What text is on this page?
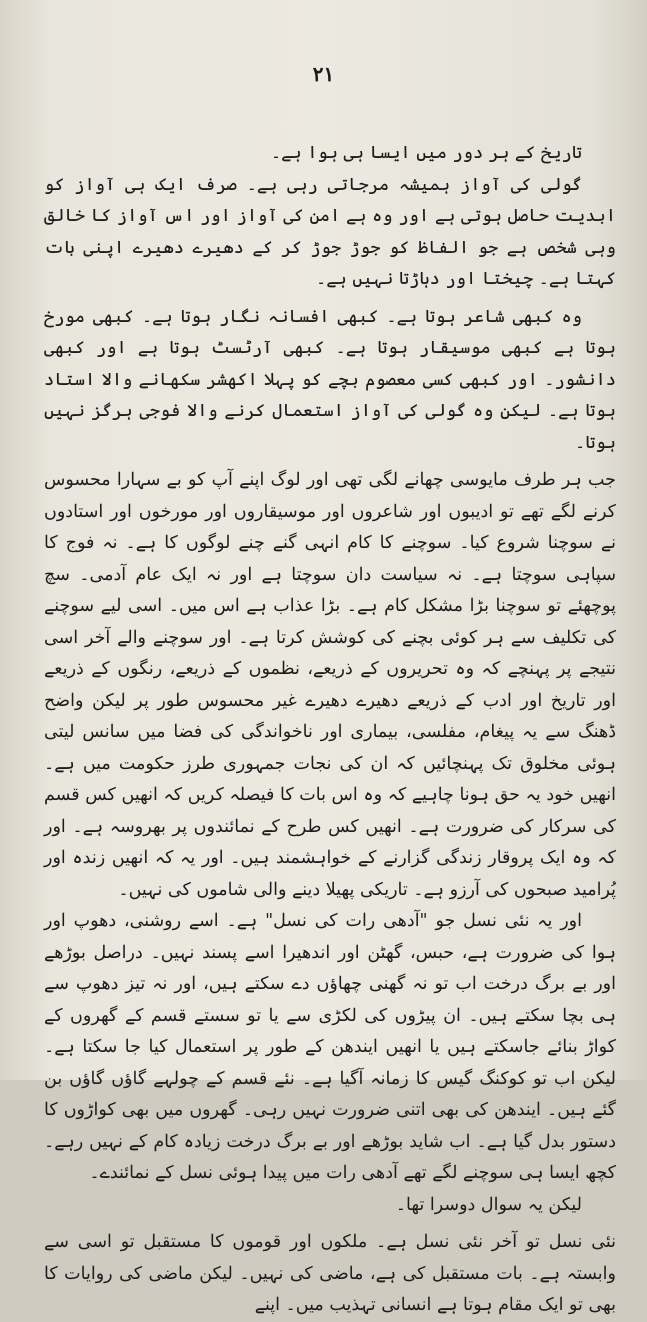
۲۱

تاریخ کے ہر دور میں ایسا ہی ہوا ہے۔

گولی کی آواز ہمیشہ مرجاتی رہی ہے۔ صرف ایک ہی آواز کو ابدیت حاصل ہوتی ہے اور وہ ہے امن کی آواز اور اس آواز کا خالق وہی شخص ہے جو الفاظ کو جوڑ جوڑ کر کے دھیرے دھیرے اپنی بات کہتا ہے۔ چیختا اور دہاڑتا نہیں ہے۔

وہ کبھی شاعر ہوتا ہے۔ کبھی افسانہ نگار ہوتا ہے۔ کبھی مورخ ہوتا ہے کبھی موسیقار ہوتا ہے۔ کبھی آرٹسٹ ہوتا ہے اور کبھی دانشور۔ اور کبھی کسی معصوم بچے کو پہلا اکھشر سکھانے والا استاد ہوتا ہے۔ لیکن وہ گولی کی آواز استعمال کرنے والا فوجی ہرگز نہیں ہوتا۔

جب ہر طرف مایوسی چھانے لگی تھی اور لوگ اپنے آپ کو بے سہارا محسوس کرنے لگے تھے تو ادیبوں اور شاعروں اور موسیقاروں اور مورخوں اور استادوں نے سوچنا شروع کیا۔ سوچنے کا کام انہی گنے چنے لوگوں کا ہے۔ نہ فوج کا سپاہی سوچتا ہے۔ نہ سیاست دان سوچتا ہے اور نہ ایک عام آدمی۔ سچ پوچھئے تو سوچنا بڑا مشکل کام ہے۔ بڑا عذاب ہے اس میں۔ اسی لیے سوچنے کی تکلیف سے ہر کوئی بچنے کی کوشش کرتا ہے۔ اور سوچنے والے آخر اسی نتیجے پر پہنچے کہ وہ تحریروں کے ذریعے، نظموں کے ذریعے، رنگوں کے ذریعے اور تاریخ اور ادب کے ذریعے دھیرے دھیرے غیر محسوس طور پر لیکن واضح ڈھنگ سے یہ پیغام، مفلسی، بیماری اور ناخواندگی کی فضا میں سانس لیتی ہوئی مخلوق تک پہنچائیں کہ ان کی نجات جمہوری طرز حکومت میں ہے۔ انھیں خود یہ حق ہونا چاہیے کہ وہ اس بات کا فیصلہ کریں کہ انھیں کس قسم کی سرکار کی ضرورت ہے۔ انھیں کس طرح کے نمائندوں پر بھروسہ ہے۔ اور کہ وہ ایک پروقار زندگی گزارنے کے خواہشمند ہیں۔ اور یہ کہ انھیں زندہ اور پُرامید صبحوں کی آرزو ہے۔ تاریکی پھیلا دینے والی شاموں کی نہیں۔

اور یہ نئی نسل جو "آدھی رات کی نسل" ہے۔ اسے روشنی، دھوپ اور ہوا کی ضرورت ہے، حبس، گھٹن اور اندھیرا اسے پسند نہیں۔ دراصل بوڑھے اور بے برگ درخت اب تو نہ گھنی چھاؤں دے سکتے ہیں، اور نہ تیز دھوپ سے ہی بچا سکتے ہیں۔ ان پیڑوں کی لکڑی سے یا تو سستے قسم کے گھروں کے کواڑ بنائے جاسکتے ہیں یا انھیں ایندھن کے طور پر استعمال کیا جا سکتا ہے۔ لیکن اب تو کوکنگ گیس کا زمانہ آگیا ہے۔ نئے قسم کے چولہے گاؤں گاؤں بن گئے ہیں۔ ایندھن کی بھی اتنی ضرورت نہیں رہی۔ گھروں میں بھی کواڑوں کا دستور بدل گیا ہے۔ اب شاید بوڑھے اور بے برگ درخت زیادہ کام کے نہیں رہے۔ کچھ ایسا ہی سوچنے لگے تھے آدھی رات میں پیدا ہوئی نسل کے نمائندے۔

لیکن یہ سوال دوسرا تھا۔

نئی نسل تو آخر نئی نسل ہے۔ ملکوں اور قوموں کا مستقبل تو اسی سے وابستہ ہے۔ بات مستقبل کی ہے، ماضی کی نہیں۔ لیکن ماضی کی روایات کا بھی تو ایک مقام ہوتا ہے انسانی تہذیب میں۔ اپنے
